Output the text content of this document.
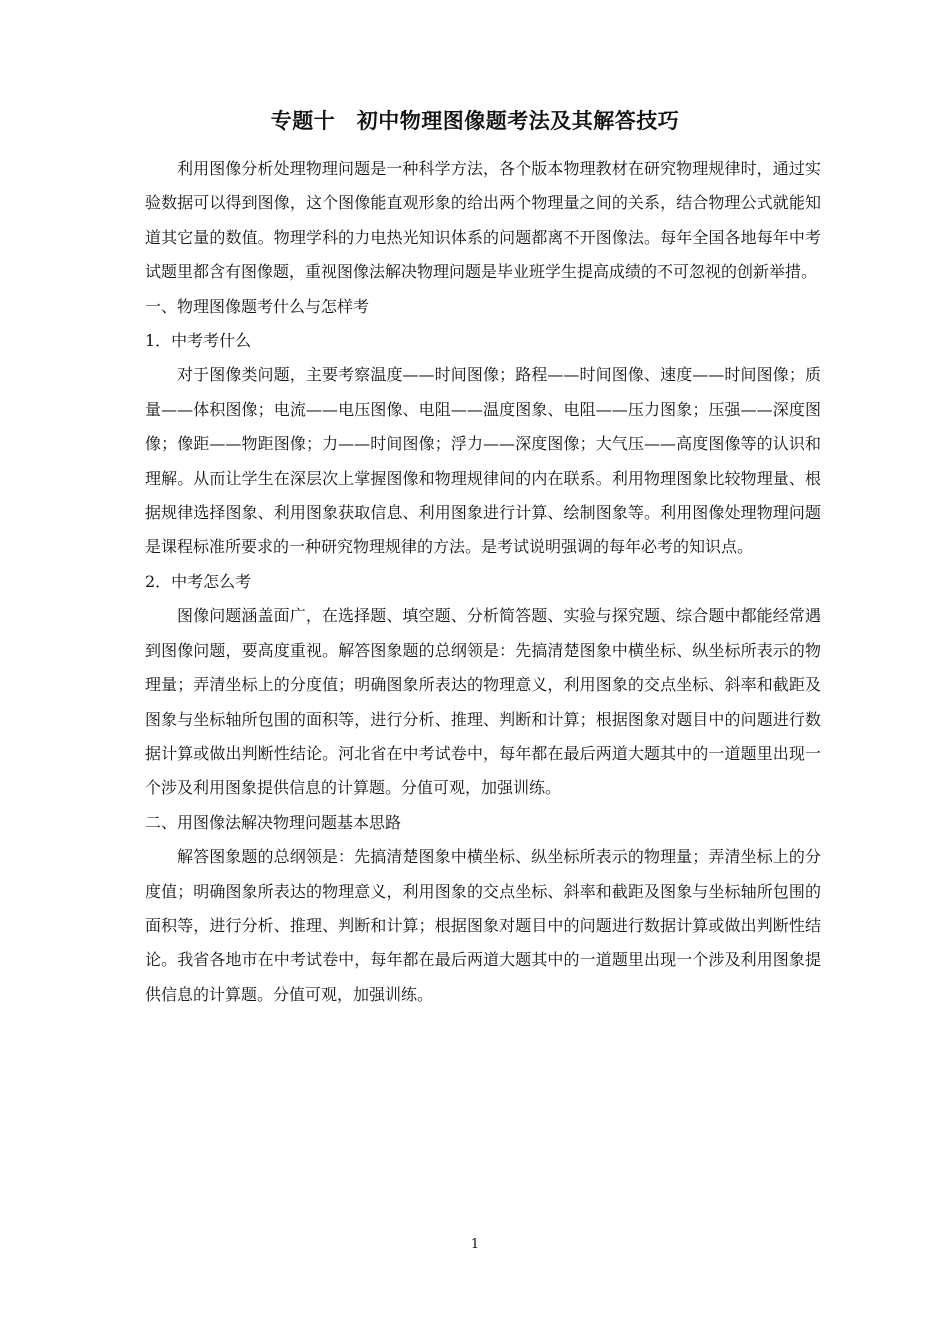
专题十　初中物理图像题考法及其解答技巧

利用图像分析处理物理问题是一种科学方法，各个版本物理教材在研究物理规律时，通过实验数据可以得到图像，这个图像能直观形象的给出两个物理量之间的关系，结合物理公式就能知道其它量的数值。物理学科的力电热光知识体系的问题都离不开图像法。每年全国各地每年中考试题里都含有图像题，重视图像法解决物理问题是毕业班学生提高成绩的不可忽视的创新举措。

一、物理图像题考什么与怎样考

1．中考考什么

对于图像类问题，主要考察温度——时间图像；路程——时间图像、速度——时间图像；质量——体积图像；电流——电压图像、电阻——温度图象、电阻——压力图象；压强——深度图像；像距——物距图像；力——时间图像；浮力——深度图像；大气压——高度图像等的认识和理解。从而让学生在深层次上掌握图像和物理规律间的内在联系。利用物理图象比较物理量、根据规律选择图象、利用图象获取信息、利用图象进行计算、绘制图象等。利用图像处理物理问题是课程标准所要求的一种研究物理规律的方法。是考试说明强调的每年必考的知识点。

2．中考怎么考

图像问题涵盖面广，在选择题、填空题、分析简答题、实验与探究题、综合题中都能经常遇到图像问题，要高度重视。解答图象题的总纲领是：先搞清楚图象中横坐标、纵坐标所表示的物理量；弄清坐标上的分度值；明确图象所表达的物理意义，利用图象的交点坐标、斜率和截距及图象与坐标轴所包围的面积等，进行分析、推理、判断和计算；根据图象对题目中的问题进行数据计算或做出判断性结论。河北省在中考试卷中，每年都在最后两道大题其中的一道题里出现一个涉及利用图象提供信息的计算题。分值可观，加强训练。

二、用图像法解决物理问题基本思路

解答图象题的总纲领是：先搞清楚图象中横坐标、纵坐标所表示的物理量；弄清坐标上的分度值；明确图象所表达的物理意义，利用图象的交点坐标、斜率和截距及图象与坐标轴所包围的面积等，进行分析、推理、判断和计算；根据图象对题目中的问题进行数据计算或做出判断性结论。我省各地市在中考试卷中，每年都在最后两道大题其中的一道题里出现一个涉及利用图象提供信息的计算题。分值可观，加强训练。

1
